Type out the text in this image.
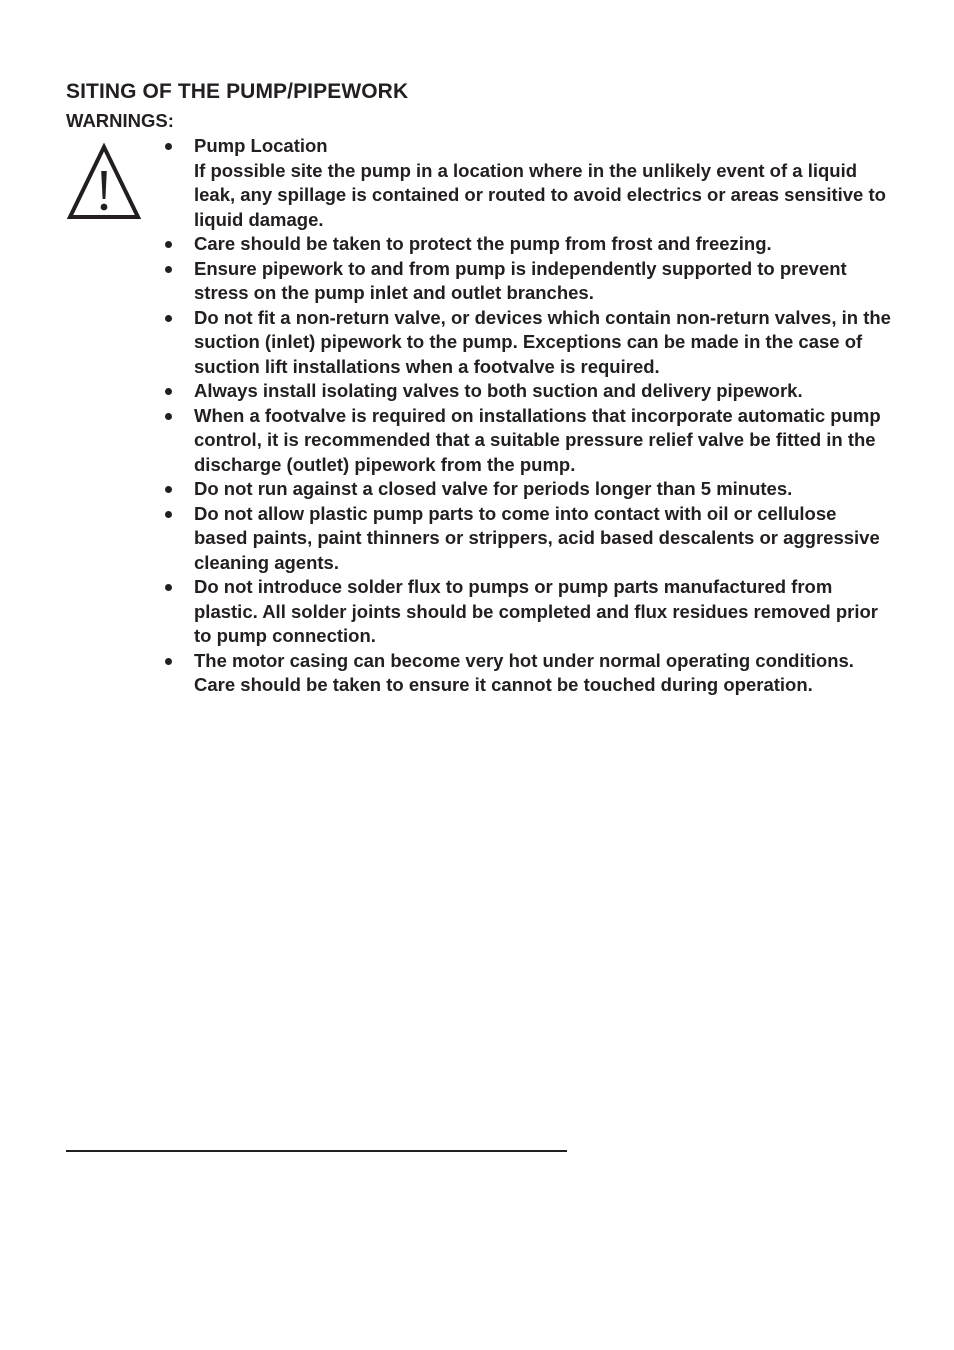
SITING OF THE PUMP/PIPEWORK
WARNINGS:
Pump Location
If possible site the pump in a location where in the unlikely event of a liquid leak, any spillage is contained or routed to avoid electrics or areas sensitive to liquid damage.
Care should be taken to protect the pump from frost and freezing.
Ensure pipework to and from pump is independently supported to prevent stress on the pump inlet and outlet branches.
Do not fit a non-return valve, or devices which contain non-return valves, in the suction (inlet) pipework to the pump. Exceptions can be made in the case of suction lift installations when a footvalve is required.
Always install isolating valves to both suction and delivery pipework.
When a footvalve is required on installations that incorporate automatic pump control, it is recommended that a suitable pressure relief valve be fitted in the discharge (outlet) pipework from the pump.
Do not run against a closed valve for periods longer than 5 minutes.
Do not allow plastic pump parts to come into contact with oil or cellulose based paints, paint thinners or strippers, acid based descalents or aggressive cleaning agents.
Do not introduce solder flux to pumps or pump parts manufactured from plastic. All solder joints should be completed and flux residues removed prior to pump connection.
The motor casing can become very hot under normal operating conditions. Care should be taken to ensure it cannot be touched during operation.
